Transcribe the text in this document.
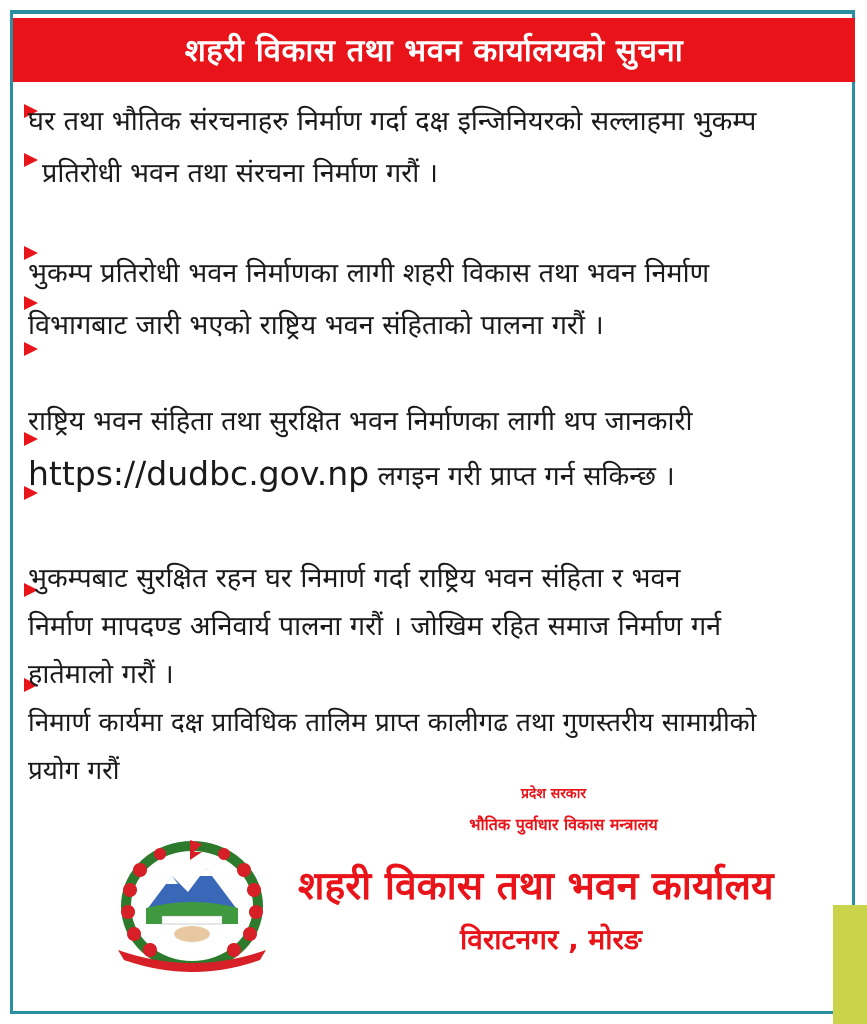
शहरी विकास तथा भवन कार्यालयको सुचना
घर तथा भौतिक संरचनाहरु निर्माण गर्दा दक्ष इन्जिनियरको सल्लाहमा भुकम्प
प्रतिरोधी भवन तथा संरचना निर्माण गरौं ।
भुकम्प प्रतिरोधी भवन निर्माणका लागी शहरी विकास तथा भवन निर्माण
विभागबाट जारी भएको राष्ट्रिय भवन संहिताको पालना गरौं ।
राष्ट्रिय भवन संहिता तथा सुरक्षित भवन निर्माणका लागी थप जानकारी
https://dudbc.gov.np लगइन गरी प्राप्त गर्न सकिन्छ ।
भुकम्पबाट सुरक्षित रहन घर निमार्ण गर्दा राष्ट्रिय भवन संहिता र भवन
निर्माण मापदण्ड अनिवार्य पालना गरौं । जोखिम रहित समाज निर्माण गर्न
हातेमालो गरौं ।
निमार्ण कार्यमा दक्ष प्राविधिक तालिम प्राप्त कालीगढ तथा गुणस्तरीय सामाग्रीको
प्रयोग गरौं
प्रदेश सरकार
भौतिक पुर्वाधार विकास मन्त्रालय
शहरी विकास तथा भवन कार्यालय
विराटनगर , मोरङ
